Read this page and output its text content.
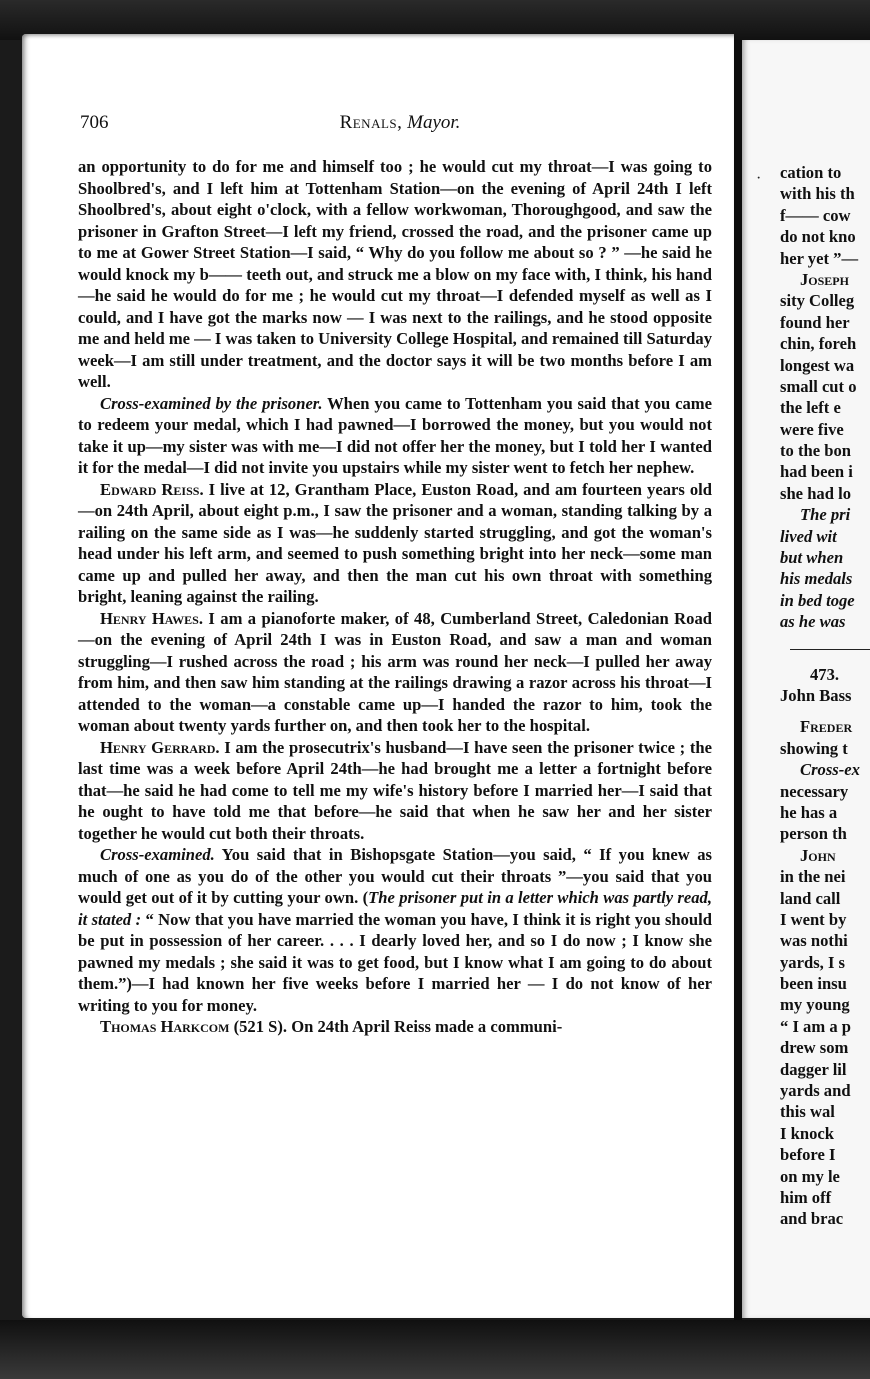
706	Renals, Mayor.

an opportunity to do for me and himself too ; he would cut my throat—I was going to Shoolbred's, and I left him at Tottenham Station—on the evening of April 24th I left Shoolbred's, about eight o'clock, with a fellow workwoman, Thoroughgood, and saw the prisoner in Grafton Street—I left my friend, crossed the road, and the prisoner came up to me at Gower Street Station—I said, “ Why do you follow me about so ? ” —he said he would knock my b—— teeth out, and struck me a blow on my face with, I think, his hand—he said he would do for me ; he would cut my throat—I defended myself as well as I could, and I have got the marks now — I was next to the railings, and he stood opposite me and held me — I was taken to University College Hospital, and remained till Saturday week—I am still under treatment, and the doctor says it will be two months before I am well.

Cross-examined by the prisoner. When you came to Tottenham you said that you came to redeem your medal, which I had pawned—I borrowed the money, but you would not take it up—my sister was with me—I did not offer her the money, but I told her I wanted it for the medal—I did not invite you upstairs while my sister went to fetch her nephew.

Edward Reiss. I live at 12, Grantham Place, Euston Road, and am fourteen years old—on 24th April, about eight p.m., I saw the prisoner and a woman, standing talking by a railing on the same side as I was—he suddenly started struggling, and got the woman's head under his left arm, and seemed to push something bright into her neck—some man came up and pulled her away, and then the man cut his own throat with something bright, leaning against the railing.

Henry Hawes. I am a pianoforte maker, of 48, Cumberland Street, Caledonian Road—on the evening of April 24th I was in Euston Road, and saw a man and woman struggling—I rushed across the road ; his arm was round her neck—I pulled her away from him, and then saw him standing at the railings drawing a razor across his throat—I attended to the woman—a constable came up—I handed the razor to him, took the woman about twenty yards further on, and then took her to the hospital.

Henry Gerrard. I am the prosecutrix's husband—I have seen the prisoner twice ; the last time was a week before April 24th—he had brought me a letter a fortnight before that—he said he had come to tell me my wife's history before I married her—I said that he ought to have told me that before—he said that when he saw her and her sister together he would cut both their throats.

Cross-examined. You said that in Bishopsgate Station—you said, “ If you knew as much of one as you do of the other you would cut their throats ”—you said that you would get out of it by cutting your own. (The prisoner put in a letter which was partly read, it stated : “ Now that you have married the woman you have, I think it is right you should be put in possession of her career. . . . I dearly loved her, and so I do now ; I know she pawned my medals ; she said it was to get food, but I know what I am going to do about them.”)—I had known her five weeks before I married her — I do not know of her writing to you for money.

Thomas Harkcom (521 S). On 24th April Reiss made a communi-

· cation to
with his th
f—— cow
do not kno
her yet ”—
Joseph
sity Colleg
found her
chin, foreh
longest wa
small cut o
the left e
were five
to the bon
had been i
she had lo
The pri
lived wit
but when
his medals
in bed toge
as he was
473.
John Bass
Freder
showing t
Cross-ex
necessary
he has a
person th
John
in the nei
land call
I went by
was nothi
yards, I s
been insu
my young
“ I am a p
drew som
dagger lil
yards and
this wal
I knock
before I
on my le
him off
and brac
